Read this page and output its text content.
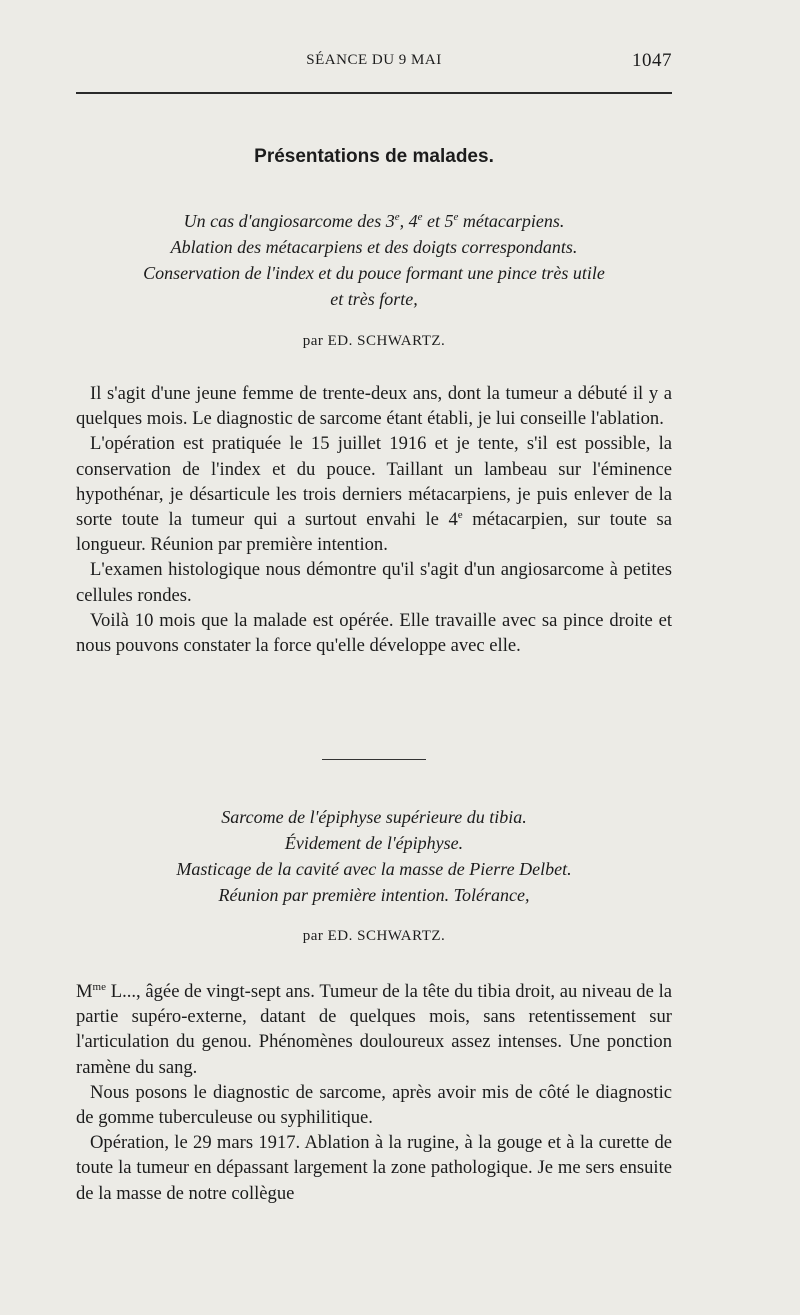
SÉANCE DU 9 MAI	1047
Présentations de malades.
Un cas d'angiosarcome des 3e, 4e et 5e métacarpiens.
Ablation des métacarpiens et des doigts correspondants.
Conservation de l'index et du pouce formant une pince très utile
et très forte,
par ED. SCHWARTZ.

Il s'agit d'une jeune femme de trente-deux ans, dont la tumeur a débuté il y a quelques mois. Le diagnostic de sarcome étant établi, je lui conseille l'ablation.

L'opération est pratiquée le 15 juillet 1916 et je tente, s'il est possible, la conservation de l'index et du pouce. Taillant un lambeau sur l'éminence hypothénar, je désarticule les trois derniers métacarpiens, je puis enlever de la sorte toute la tumeur qui a surtout envahi le 4e métacarpien, sur toute sa longueur. Réunion par première intention.

L'examen histologique nous démontre qu'il s'agit d'un angiosarcome à petites cellules rondes.

Voilà 10 mois que la malade est opérée. Elle travaille avec sa pince droite et nous pouvons constater la force qu'elle développe avec elle.

Sarcome de l'épiphyse supérieure du tibia.
Évidement de l'épiphyse.
Masticage de la cavité avec la masse de Pierre Delbet.
Réunion par première intention. Tolérance,
par ED. SCHWARTZ.

$M^{me}$ L..., âgée de vingt-sept ans. Tumeur de la tête du tibia droit, au niveau de la partie supéro-externe, datant de quelques mois, sans retentissement sur l'articulation du genou. Phénomènes douloureux assez intenses. Une ponction ramène du sang.

Nous posons le diagnostic de sarcome, après avoir mis de côté le diagnostic de gomme tuberculeuse ou syphilitique.

Opération, le 29 mars 1917. Ablation à la rugine, à la gouge et à la curette de toute la tumeur en dépassant largement la zone pathologique. Je me sers ensuite de la masse de notre collègue
